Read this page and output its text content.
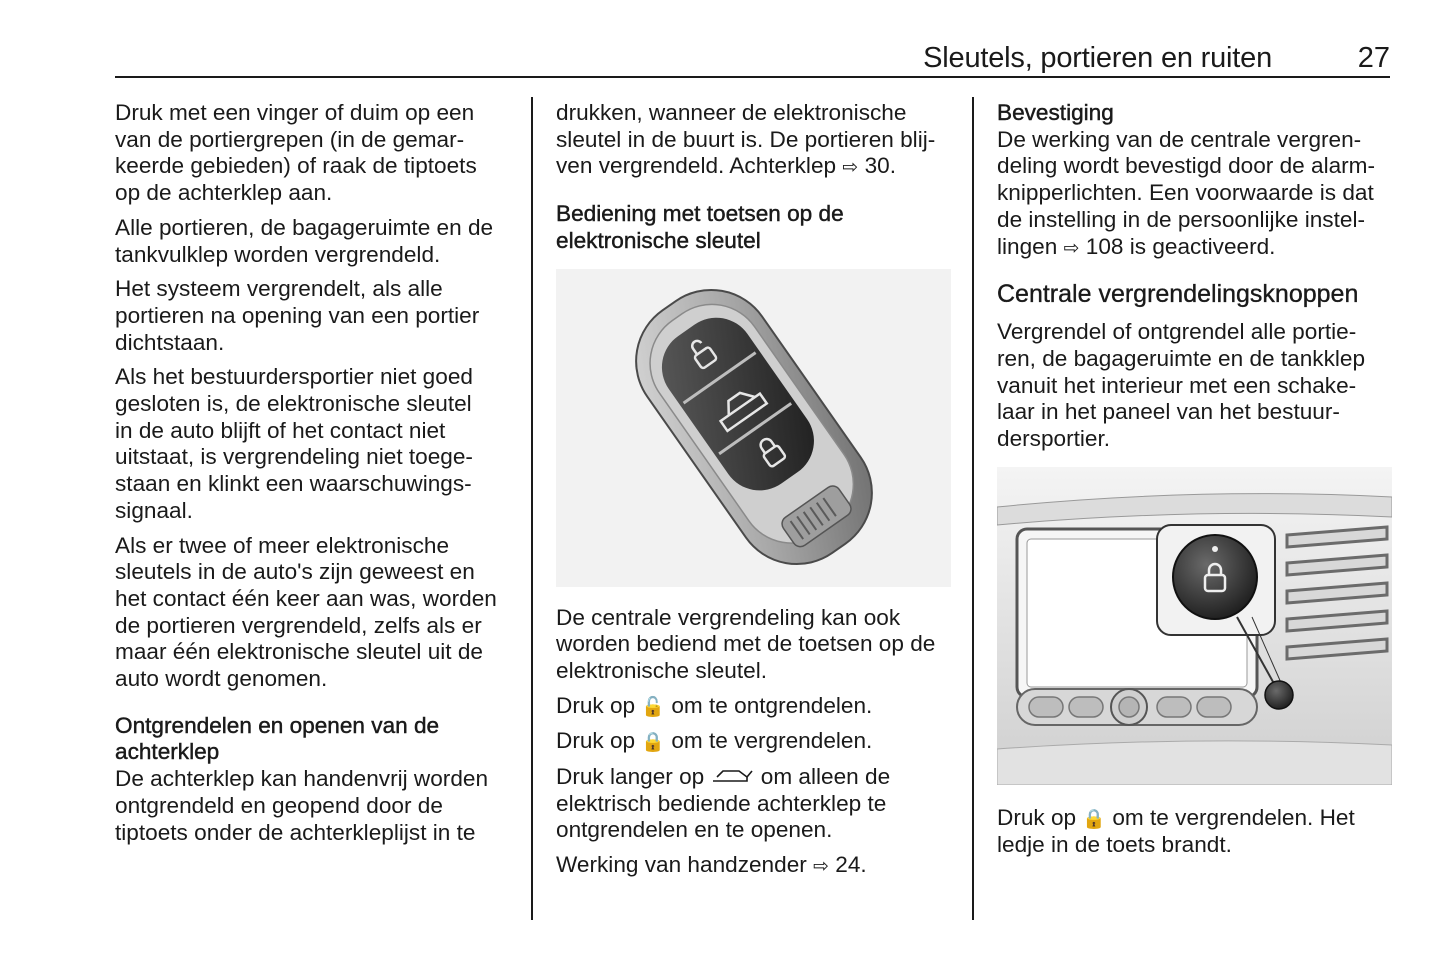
Sleutels, portieren en ruiten	27

Druk met een vinger of duim op een
van de portiergrepen (in de gemar-
keerde gebieden) of raak de tiptoets
op de achterklep aan.

Alle portieren, de bagageruimte en de
tankvulklep worden vergrendeld.

Het systeem vergrendelt, als alle
portieren na opening van een portier
dichtstaan.

Als het bestuurdersportier niet goed
gesloten is, de elektronische sleutel
in de auto blijft of het contact niet
uitstaat, is vergrendeling niet toege-
staan en klinkt een waarschuwings-
signaal.

Als er twee of meer elektronische
sleutels in de auto's zijn geweest en
het contact één keer aan was, worden
de portieren vergrendeld, zelfs als er
maar één elektronische sleutel uit de
auto wordt genomen.

Ontgrendelen en openen van de
achterklep

De achterklep kan handenvrij worden
ontgrendeld en geopend door de
tiptoets onder de achterkleplijst in te

drukken, wanneer de elektronische
sleutel in de buurt is. De portieren blij-
ven vergrendeld. Achterklep ⇨ 30.

Bediening met toetsen op de
elektronische sleutel

De centrale vergrendeling kan ook
worden bediend met de toetsen op de
elektronische sleutel.

Druk op 🔓 om te ontgrendelen.

Druk op 🔒 om te vergrendelen.

Druk langer op	om alleen de
elektrisch bediende achterklep te
ontgrendelen en te openen.

Werking van handzender ⇨ 24.

Bevestiging

De werking van de centrale vergren-
deling wordt bevestigd door de alarm-
knipperlichten. Een voorwaarde is dat
de instelling in de persoonlijke instel-
lingen ⇨ 108 is geactiveerd.

Centrale vergrendelingsknoppen

Vergrendel of ontgrendel alle portie-
ren, de bagageruimte en de tankklep
vanuit het interieur met een schake-
laar in het paneel van het bestuur-
dersportier.

Druk op 🔒 om te vergrendelen. Het
ledje in de toets brandt.
